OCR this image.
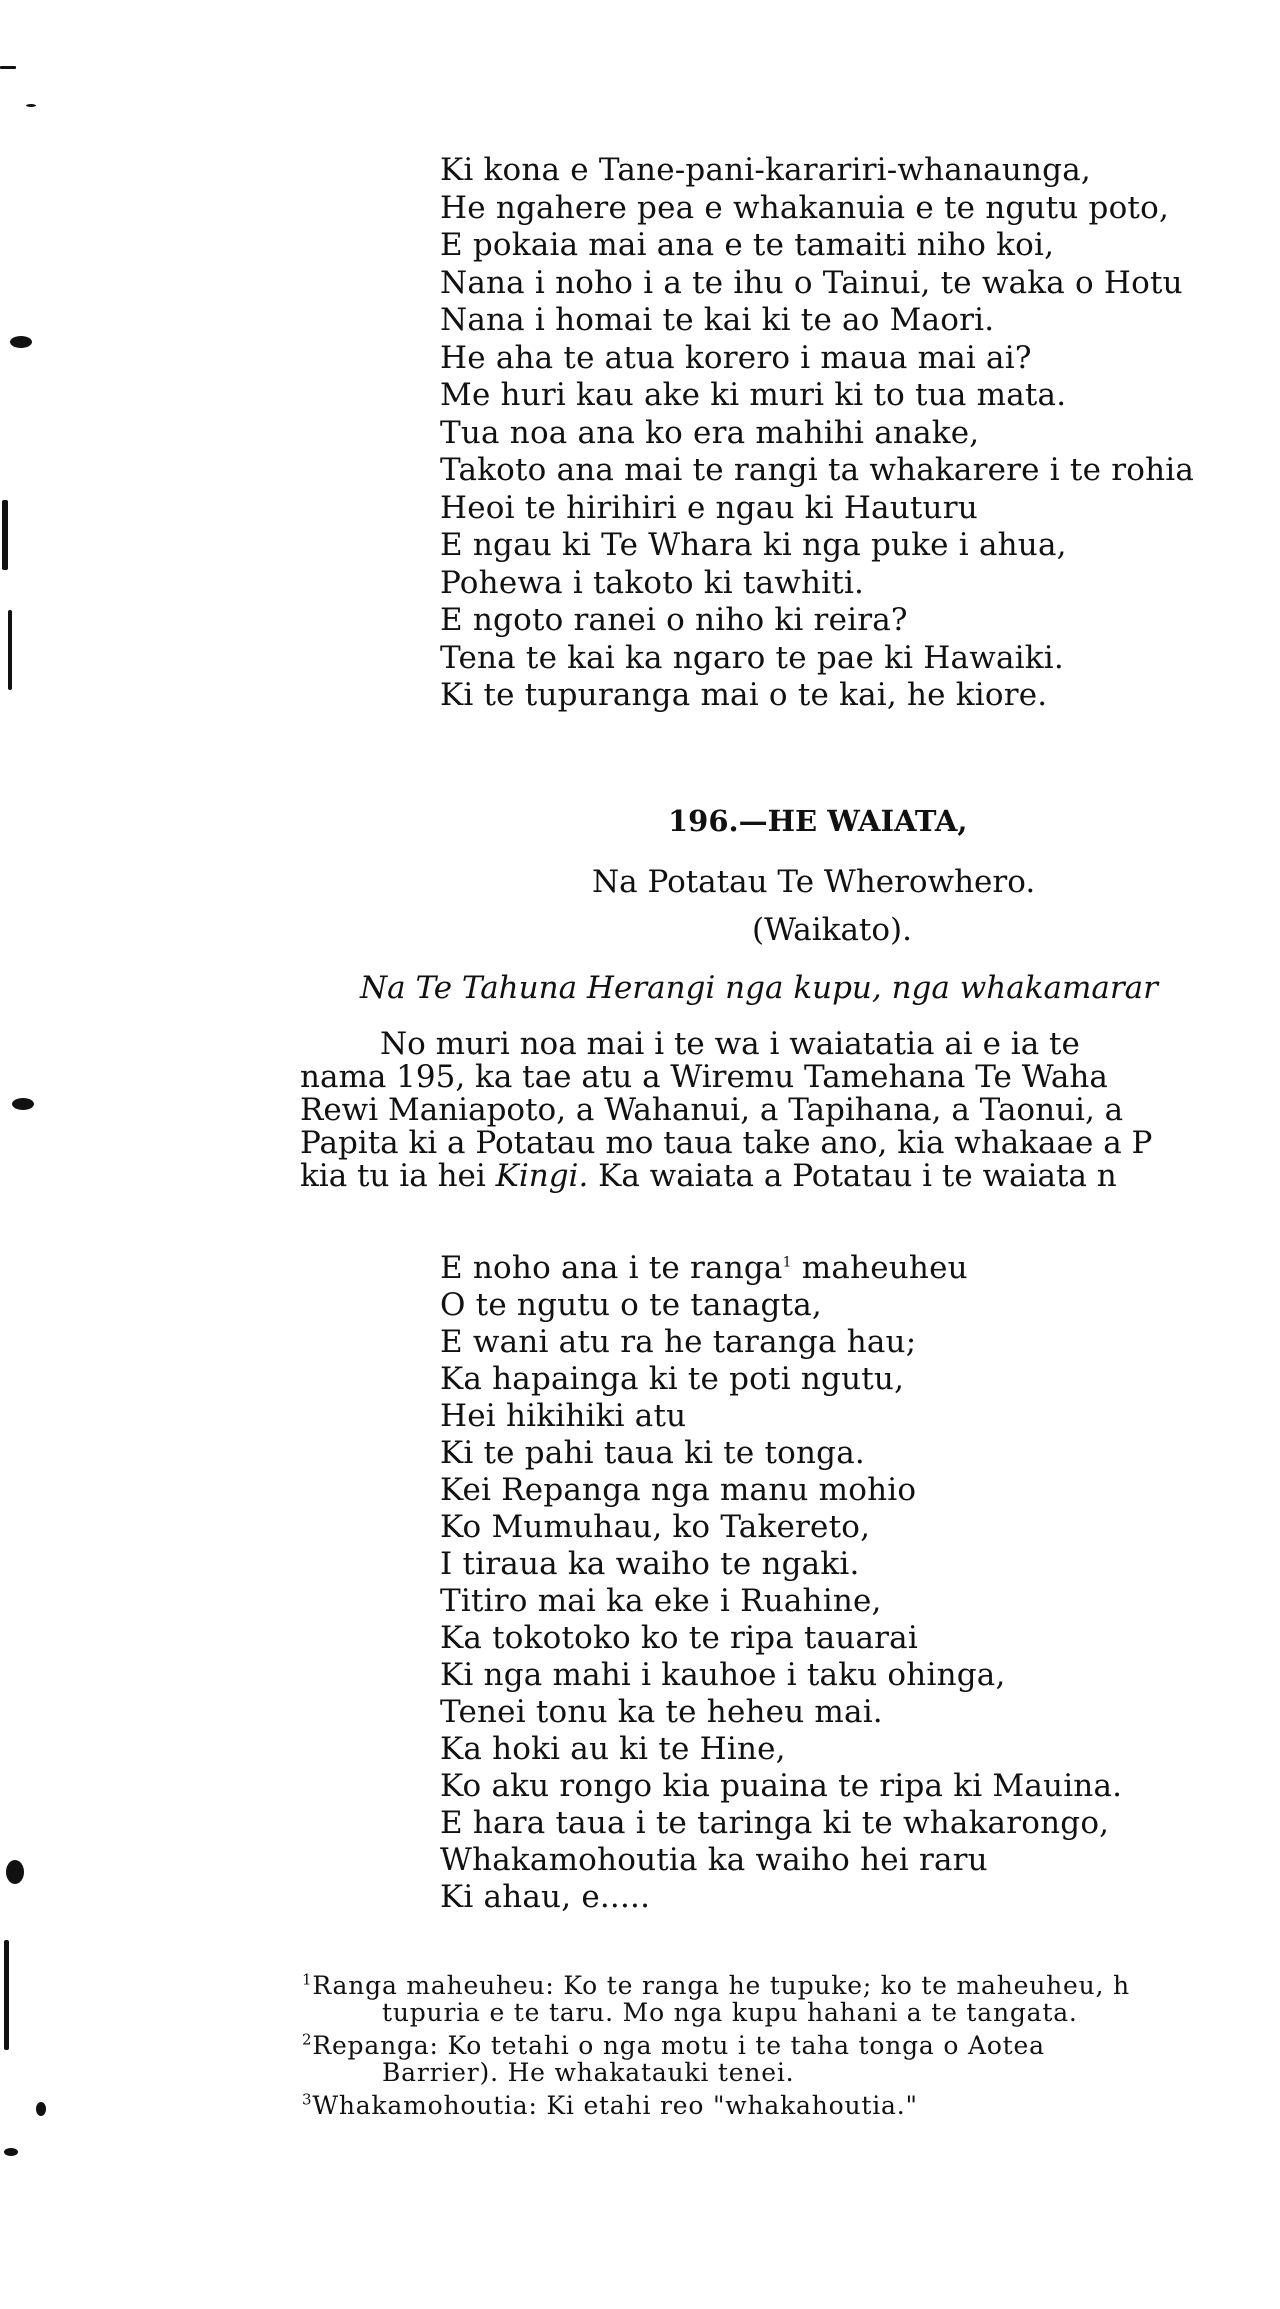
Ki kona e Tane-pani-karariri-whanaunga,
He ngahere pea e whakanuia e te ngutu poto,
E pokaia mai ana e te tamaiti niho koi,
Nana i noho i a te ihu o Tainui, te waka o Hotu
Nana i homai te kai ki te ao Maori.
He aha te atua korero i maua mai ai?
Me huri kau ake ki muri ki to tua mata.
Tua noa ana ko era mahihi anake,
Takoto ana mai te rangi ta whakarere i te rohia
Heoi te hirihiri e ngau ki Hauturu
E ngau ki Te Whara ki nga puke i ahua,
Pohewa i takoto ki tawhiti.
E ngoto ranei o niho ki reira?
Tena te kai ka ngaro te pae ki Hawaiki.
Ki te tupuranga mai o te kai, he kiore.
196.—HE WAIATA,
Na Potatau Te Wherowhero.
(Waikato).
Na Te Tahuna Herangi nga kupu, nga whakamarar
No muri noa mai i te wa i waiatatia ai e ia te
nama 195, ka tae atu a Wiremu Tamehana Te Waha
Rewi Maniapoto, a Wahanui, a Tapihana, a Taonui, a
Papita ki a Potatau mo taua take ano, kia whakaae a P
kia tu ia hei Kingi. Ka waiata a Potatau i te waiata n
E noho ana i te ranga$^1$ maheuheu
O te ngutu o te tanagta,
E wani atu ra he taranga hau;
Ka hapainga ki te poti ngutu,
Hei hikihiki atu
Ki te pahi taua ki te tonga.
Kei Repanga nga manu mohio
Ko Mumuhau, ko Takereto,
I tiraua ka waiho te ngaki.
Titiro mai ka eke i Ruahine,
Ka tokotoko ko te ripa tauarai
Ki nga mahi i kauhoe i taku ohinga,
Tenei tonu ka te heheu mai.
Ka hoki au ki te Hine,
Ko aku rongo kia puaina te ripa ki Mauina.
E hara taua i te taringa ki te whakarongo,
Whakamohoutia ka waiho hei raru
Ki ahau, e.....
$^1$Ranga maheuheu: Ko te ranga he tupuke; ko te maheuheu, h
tupuria e te taru. Mo nga kupu hahani a te tangata.
$^2$Repanga: Ko tetahi o nga motu i te taha tonga o Aotea
Barrier). He whakatauki tenei.
$^3$Whakamohoutia: Ki etahi reo "whakahoutia."
